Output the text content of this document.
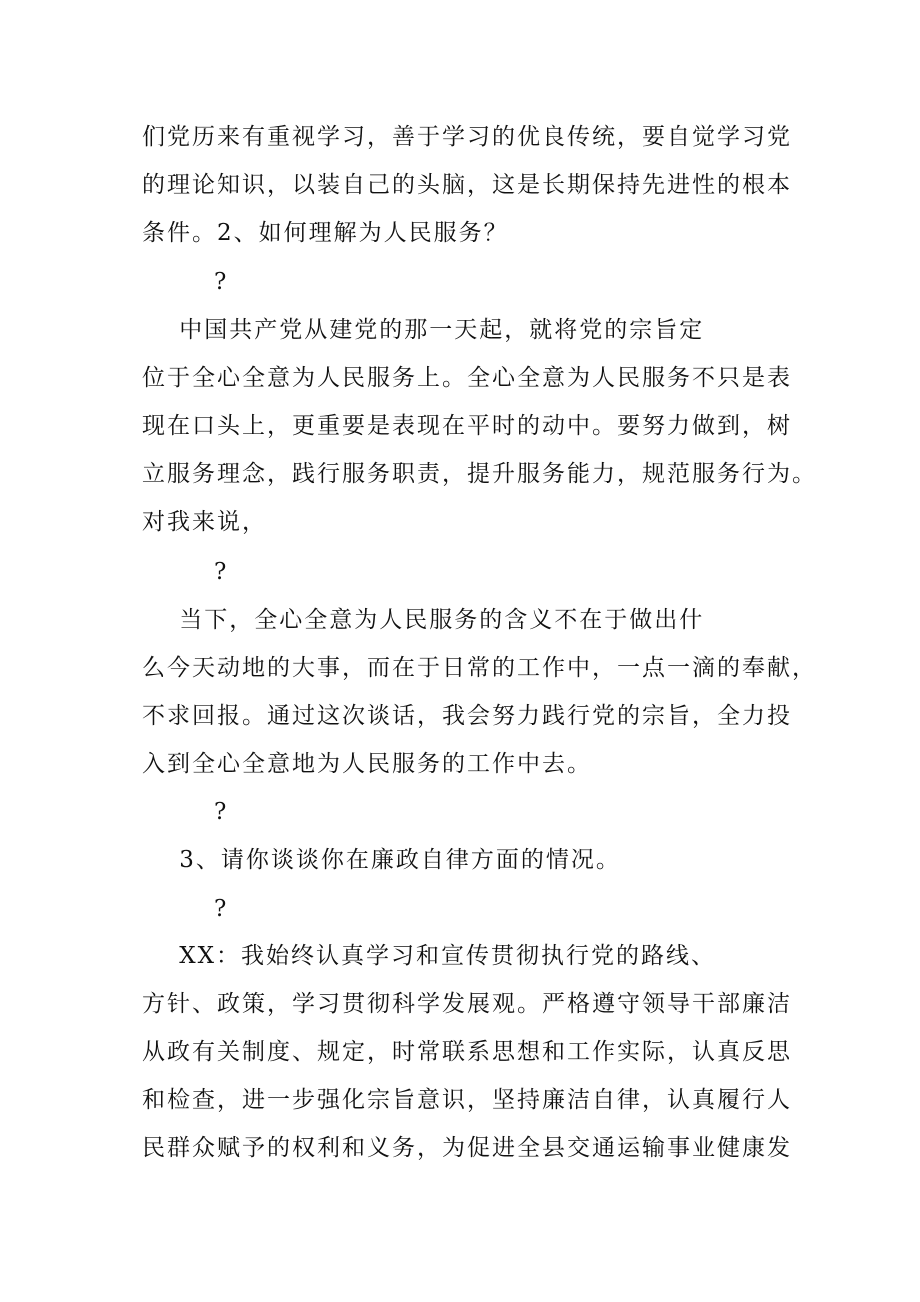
们党历来有重视学习，善于学习的优良传统，要自觉学习党
的理论知识，以装自己的头脑，这是长期保持先进性的根本
条件。2、如何理解为人民服务？
?
中国共产党从建党的那一天起，就将党的宗旨定
位于全心全意为人民服务上。全心全意为人民服务不只是表
现在口头上，更重要是表现在平时的动中。要努力做到，树
立服务理念，践行服务职责，提升服务能力，规范服务行为。
对我来说，
?
当下，全心全意为人民服务的含义不在于做出什
么今天动地的大事，而在于日常的工作中，一点一滴的奉献，
不求回报。通过这次谈话，我会努力践行党的宗旨，全力投
入到全心全意地为人民服务的工作中去。
?
3、请你谈谈你在廉政自律方面的情况。
?
XX：我始终认真学习和宣传贯彻执行党的路线、
方针、政策，学习贯彻科学发展观。严格遵守领导干部廉洁
从政有关制度、规定，时常联系思想和工作实际，认真反思
和检查，进一步强化宗旨意识，坚持廉洁自律，认真履行人
民群众赋予的权利和义务，为促进全县交通运输事业健康发
